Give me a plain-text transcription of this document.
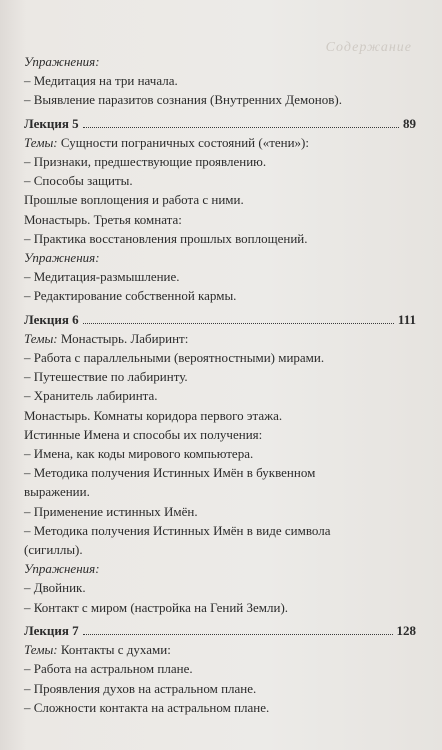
Содержание
Упражнения:
– Медитация на три начала.
– Выявление паразитов сознания (Внутренних Демонов).
Лекция 5	89
Темы: Сущности пограничных состояний («тени»):
– Признаки, предшествующие проявлению.
– Способы защиты.
Прошлые воплощения и работа с ними.
Монастырь. Третья комната:
– Практика восстановления прошлых воплощений.
Упражнения:
– Медитация-размышление.
– Редактирование собственной кармы.
Лекция 6	111
Темы: Монастырь. Лабиринт:
– Работа с параллельными (вероятностными) мирами.
– Путешествие по лабиринту.
– Хранитель лабиринта.
Монастырь. Комнаты коридора первого этажа.
Истинные Имена и способы их получения:
– Имена, как коды мирового компьютера.
– Методика получения Истинных Имён в буквенном
выражении.
– Применение истинных Имён.
– Методика получения Истинных Имён в виде символа
(сигиллы).
Упражнения:
– Двойник.
– Контакт с миром (настройка на Гений Земли).
Лекция 7	128
Темы: Контакты с духами:
– Работа на астральном плане.
– Проявления духов на астральном плане.
– Сложности контакта на астральном плане.
